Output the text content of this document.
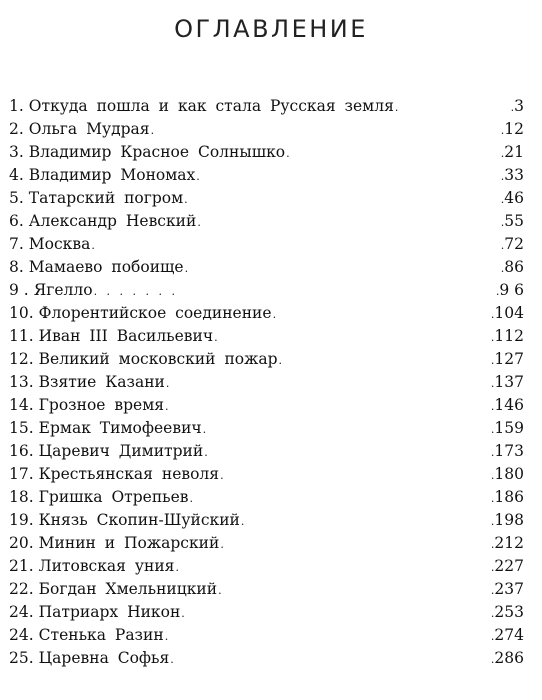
ОГЛАВЛЕНИЕ
1. Откуда пошла и как стала Русская земля .	.3
2. Ольга Мудрая .	.12
3. Владимир Красное Солнышко .	.21
4. Владимир Мономах .	.33
5. Татарский погром .	.46
6. Александр Невский .	.55
7. Москва .	.72
8. Мамаево побоище .	.86
9 . Ягелло . . . . . . .	.9 6
10. Флорентийское соединение .	.104
11. Иван III Васильевич .	.112
12. Великий московский пожар .	.127
13. Взятие Казани .	.137
14. Грозное время .	.146
15. Ермак Тимофеевич .	.159
16. Царевич Димитрий .	.173
17. Крестьянская неволя .	.180
18. Гришка Отрепьев .	.186
19. Князь Скопин-Шуйский .	.198
20. Минин и Пожарский .	.212
21. Литовская уния .	.227
22. Богдан Хмельницкий .	.237
24. Патриарх Никон .	.253
24. Стенька Разин .	.274
25. Царевна Софья .	.286
